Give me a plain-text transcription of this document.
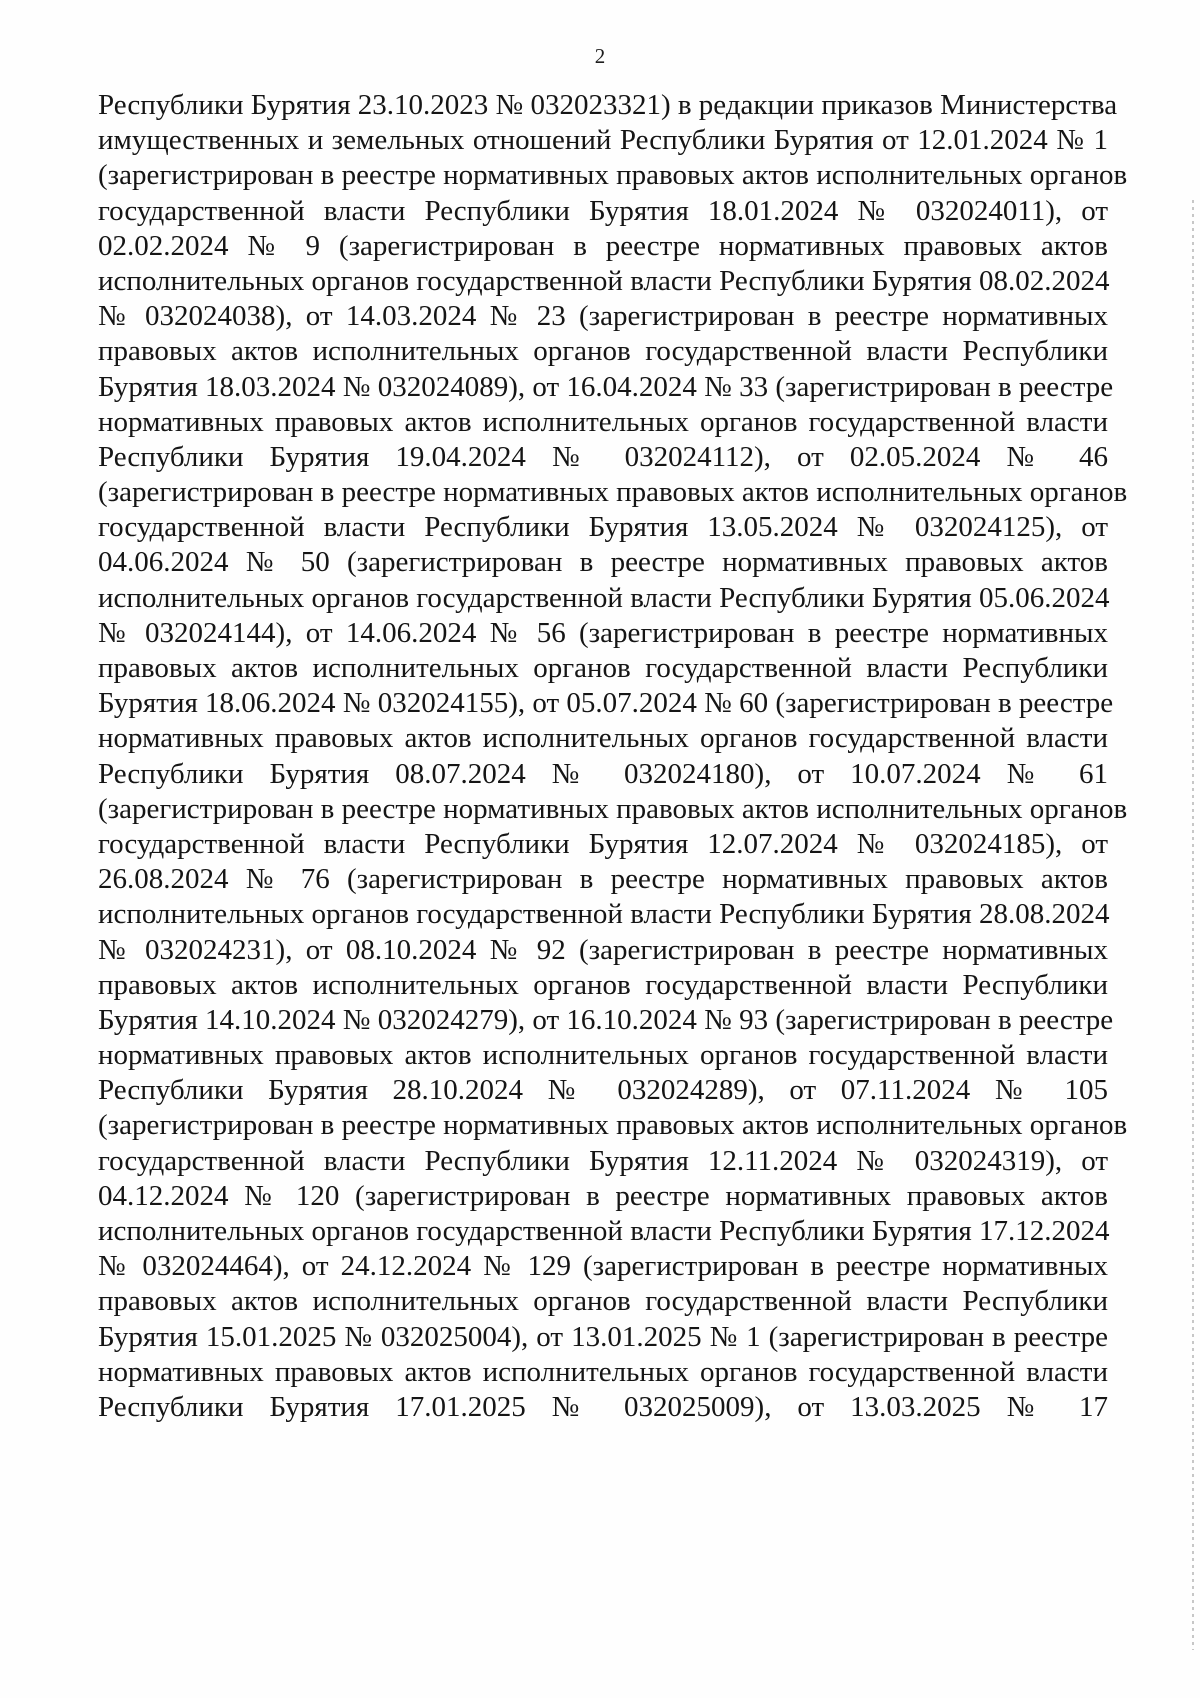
2
Республики Бурятия 23.10.2023 № 032023321) в редакции приказов Министерства
имущественных и земельных отношений Республики Бурятия от 12.01.2024 № 1
(зарегистрирован в реестре нормативных правовых актов исполнительных органов
государственной власти Республики Бурятия 18.01.2024 № 032024011), от
02.02.2024 № 9 (зарегистрирован в реестре нормативных правовых актов
исполнительных органов государственной власти Республики Бурятия 08.02.2024
№ 032024038), от 14.03.2024 № 23 (зарегистрирован в реестре нормативных
правовых актов исполнительных органов государственной власти Республики
Бурятия 18.03.2024 № 032024089), от 16.04.2024 № 33 (зарегистрирован в реестре
нормативных правовых актов исполнительных органов государственной власти
Республики Бурятия 19.04.2024 № 032024112), от 02.05.2024 № 46
(зарегистрирован в реестре нормативных правовых актов исполнительных органов
государственной власти Республики Бурятия 13.05.2024 № 032024125), от
04.06.2024 № 50 (зарегистрирован в реестре нормативных правовых актов
исполнительных органов государственной власти Республики Бурятия 05.06.2024
№ 032024144), от 14.06.2024 № 56 (зарегистрирован в реестре нормативных
правовых актов исполнительных органов государственной власти Республики
Бурятия 18.06.2024 № 032024155), от 05.07.2024 № 60 (зарегистрирован в реестре
нормативных правовых актов исполнительных органов государственной власти
Республики Бурятия 08.07.2024 № 032024180), от 10.07.2024 № 61
(зарегистрирован в реестре нормативных правовых актов исполнительных органов
государственной власти Республики Бурятия 12.07.2024 № 032024185), от
26.08.2024 № 76 (зарегистрирован в реестре нормативных правовых актов
исполнительных органов государственной власти Республики Бурятия 28.08.2024
№ 032024231), от 08.10.2024 № 92 (зарегистрирован в реестре нормативных
правовых актов исполнительных органов государственной власти Республики
Бурятия 14.10.2024 № 032024279), от 16.10.2024 № 93 (зарегистрирован в реестре
нормативных правовых актов исполнительных органов государственной власти
Республики Бурятия 28.10.2024 № 032024289), от 07.11.2024 № 105
(зарегистрирован в реестре нормативных правовых актов исполнительных органов
государственной власти Республики Бурятия 12.11.2024 № 032024319), от
04.12.2024 № 120 (зарегистрирован в реестре нормативных правовых актов
исполнительных органов государственной власти Республики Бурятия 17.12.2024
№ 032024464), от 24.12.2024 № 129 (зарегистрирован в реестре нормативных
правовых актов исполнительных органов государственной власти Республики
Бурятия 15.01.2025 № 032025004), от 13.01.2025 № 1 (зарегистрирован в реестре
нормативных правовых актов исполнительных органов государственной власти
Республики Бурятия 17.01.2025 № 032025009), от 13.03.2025 № 17
